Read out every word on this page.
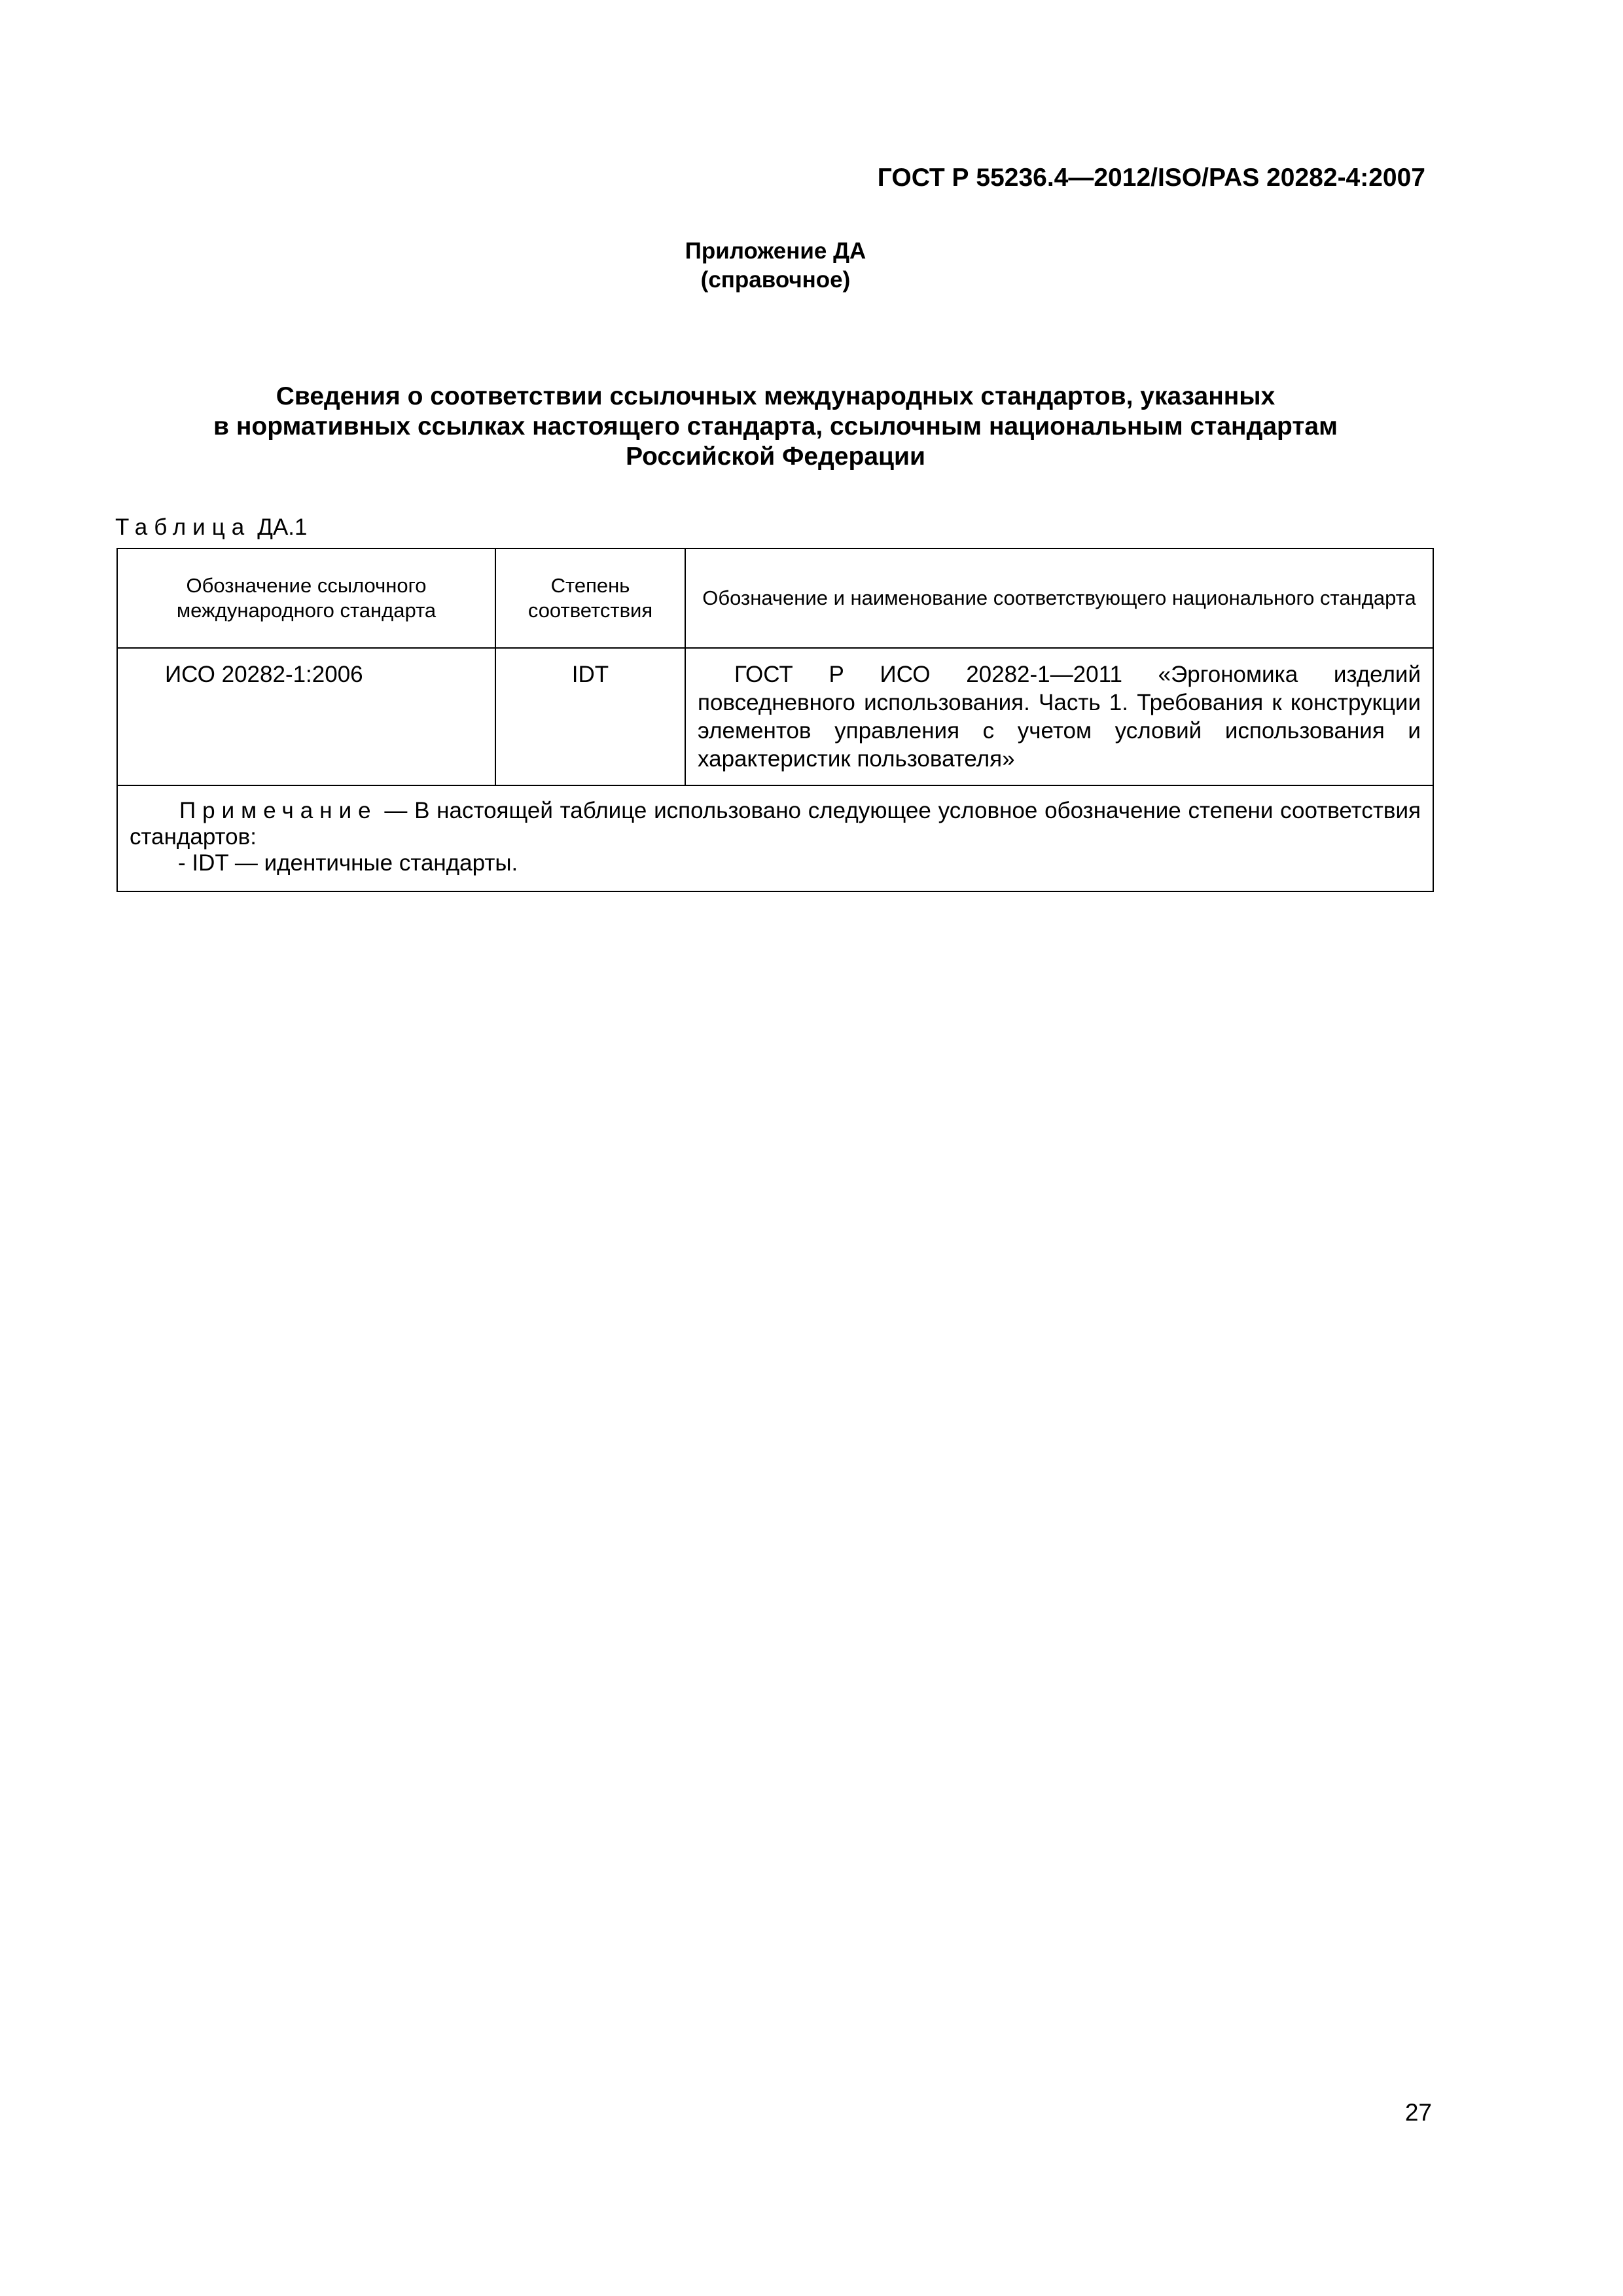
ГОСТ Р 55236.4—2012/ISO/PAS 20282-4:2007
Приложение ДА
(справочное)
Сведения о соответствии ссылочных международных стандартов, указанных
в нормативных ссылках настоящего стандарта, ссылочным национальным стандартам
Российской Федерации
Таблица ДА.1
Обозначение ссылочного международного стандарта	Степень соответствия	Обозначение и наименование соответствующего национального стандарта
ИСО 20282-1:2006	IDT	ГОСТ Р ИСО 20282-1—2011 «Эргономика изделий повседневного использования. Часть 1. Требования к конструкции элементов управления с учетом условий использования и характеристик пользователя»

Примечание — В настоящей таблице использовано следующее условное обозначение степени соответствия стандартов:
- IDT — идентичные стандарты.		
27
